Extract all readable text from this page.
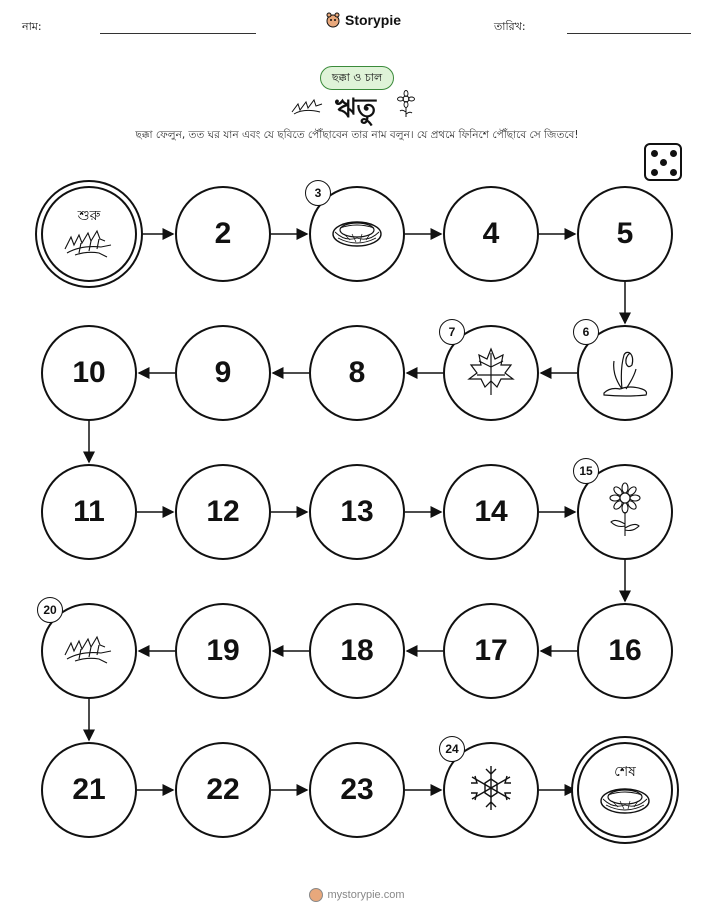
নাম:	Storypie	তারিখ:
ছক্কা ও চাল
ঋতু
ছক্কা ফেলুন, তত ঘর যান এবং যে ছবিতে পৌঁছাবেন তার নাম বলুন। যে প্রথমে ফিনিশে পৌঁছাবে সে জিতবে!
শুরু
2
3
4	5
6
7
8
9
10
11	12	13	14
15
16
17
18
19
20
21	22	23
24
শেষ
mystorypie.com
